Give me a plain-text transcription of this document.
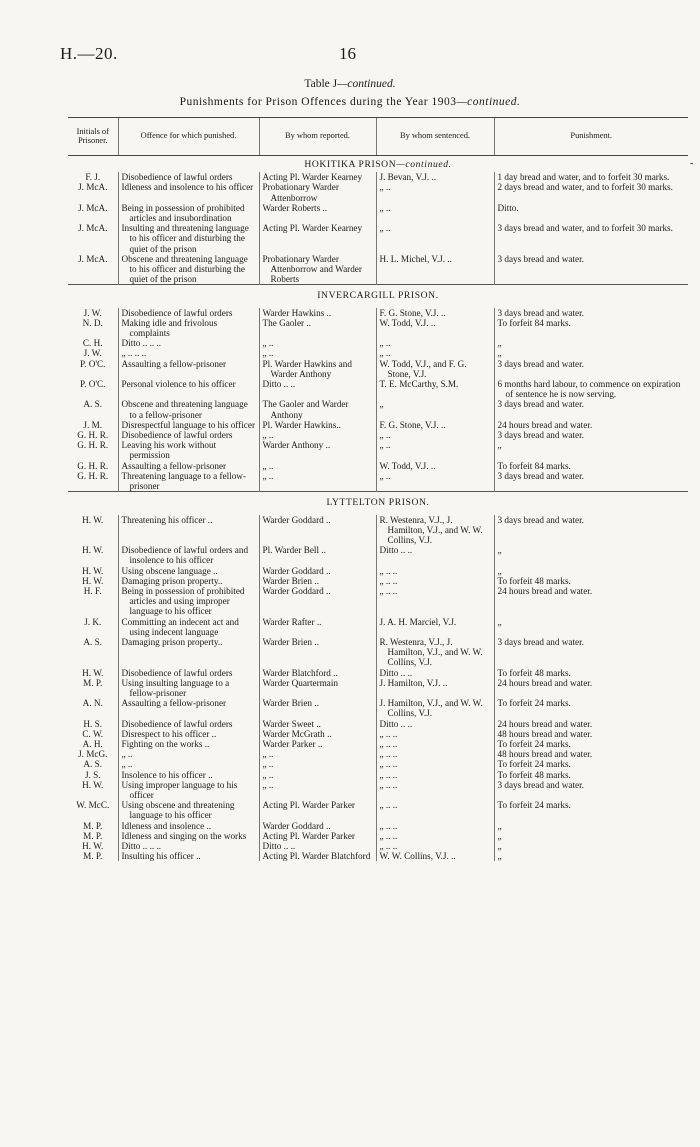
H.—20.	16
Table J—continued.
Punishments for Prison Offences during the Year 1903—continued.
Initials of Prisoner.	Offence for which punished.	By whom reported.	By whom sentenced.	Punishment.
HOKITIKA PRISON—continued.				
F. J.	Disobedience of lawful orders	Acting Pl. Warder Kearney	J. Bevan, V.J. ..	1 day bread and water, and to forfeit 30 marks.
J. McA.	Idleness and insolence to his officer	Probationary Warder Attenborrow	„ ..	2 days bread and water, and to forfeit 30 marks.
J. McA.	Being in possession of prohibited articles and insubordination	Warder Roberts ..	„ ..	Ditto.
J. McA.	Insulting and threatening language to his officer and disturbing the quiet of the prison	Acting Pl. Warder Kearney	„ ..	3 days bread and water, and to forfeit 30 marks.
J. McA.	Obscene and threatening language to his officer and disturbing the quiet of the prison	Probationary Warder Attenborrow and Warder Roberts	H. L. Michel, V.J. ..	3 days bread and water.
INVERCARGILL PRISON.				
J. W.	Disobedience of lawful orders	Warder Hawkins ..	F. G. Stone, V.J. ..	3 days bread and water.
N. D.	Making idle and frivolous complaints	The Gaoler ..	W. Todd, V.J. ..	To forfeit 84 marks.
C. H.	Ditto .. .. ..	„ ..	„ ..	„
J. W.	„ .. .. ..	„ ..	„ ..	„
P. O'C.	Assaulting a fellow-prisoner	Pl. Warder Hawkins and Warder Anthony	W. Todd, V.J., and F. G. Stone, V.J.	3 days bread and water.
P. O'C.	Personal violence to his officer	Ditto .. ..	T. E. McCarthy, S.M.	6 months hard labour, to commence on expiration of sentence he is now serving.
A. S.	Obscene and threatening language to a fellow-prisoner	The Gaoler and Warder Anthony	„	3 days bread and water.
J. M.	Disrespectful language to his officer	Pl. Warder Hawkins..	F. G. Stone, V.J. ..	24 hours bread and water.
G. H. R.	Disobedience of lawful orders	„ ..	„ ..	3 days bread and water.
G. H. R.	Leaving his work without permission	Warder Anthony ..	„ ..	„
G. H. R.	Assaulting a fellow-prisoner	„ ..	W. Todd, V.J. ..	To forfeit 84 marks.
G. H. R.	Threatening language to a fellow-prisoner	„ ..	„ ..	3 days bread and water.
LYTTELTON PRISON.				
H. W.	Threatening his officer ..	Warder Goddard ..	R. Westenra, V.J., J. Hamilton, V.J., and W. W. Collins, V.J.	3 days bread and water.
H. W.	Disobedience of lawful orders and insolence to his officer	Pl. Warder Bell ..	Ditto .. ..	„
H. W.	Using obscene language ..	Warder Goddard ..	„ .. ..	„
H. W.	Damaging prison property..	Warder Brien ..	„ .. ..	To forfeit 48 marks.
H. F.	Being in possession of prohibited articles and using improper language to his officer	Warder Goddard ..	„ .. ..	24 hours bread and water.
J. K.	Committing an indecent act and using indecent language	Warder Rafter ..	J. A. H. Marciel, V.J.	„
A. S.	Damaging prison property..	Warder Brien ..	R. Westenra, V.J., J. Hamilton, V.J., and W. W. Collins, V.J.	3 days bread and water.
H. W.	Disobedience of lawful orders	Warder Blatchford ..	Ditto .. ..	To forfeit 48 marks.
M. P.	Using insulting language to a fellow-prisoner	Warder Quartermain	J. Hamilton, V.J. ..	24 hours bread and water.
A. N.	Assaulting a fellow-prisoner	Warder Brien ..	J. Hamilton, V.J., and W. W. Collins, V.J.	To forfeit 24 marks.
H. S.	Disobedience of lawful orders	Warder Sweet ..	Ditto .. ..	24 hours bread and water.
C. W.	Disrespect to his officer ..	Warder McGrath ..	„ .. ..	48 hours bread and water.
A. H.	Fighting on the works ..	Warder Parker ..	„ .. ..	To forfeit 24 marks.
J. McG.	„ ..	„ ..	„ .. ..	48 hours bread and water.
A. S.	„ ..	„ ..	„ .. ..	To forfeit 24 marks.
J. S.	Insolence to his officer ..	„ ..	„ .. ..	To forfeit 48 marks.
H. W.	Using improper language to his officer	„ ..	„ .. ..	3 days bread and water.
W. McC.	Using obscene and threatening language to his officer	Acting Pl. Warder Parker	„ .. ..	To forfeit 24 marks.
M. P.	Idleness and insolence ..	Warder Goddard ..	„ .. ..	„
M. P.	Idleness and singing on the works	Acting Pl. Warder Parker	„ .. ..	„
H. W.	Ditto .. .. ..	Ditto .. ..	„ .. ..	„
M. P.	Insulting his officer ..	Acting Pl. Warder Blatchford	W. W. Collins, V.J. ..	„
‑
